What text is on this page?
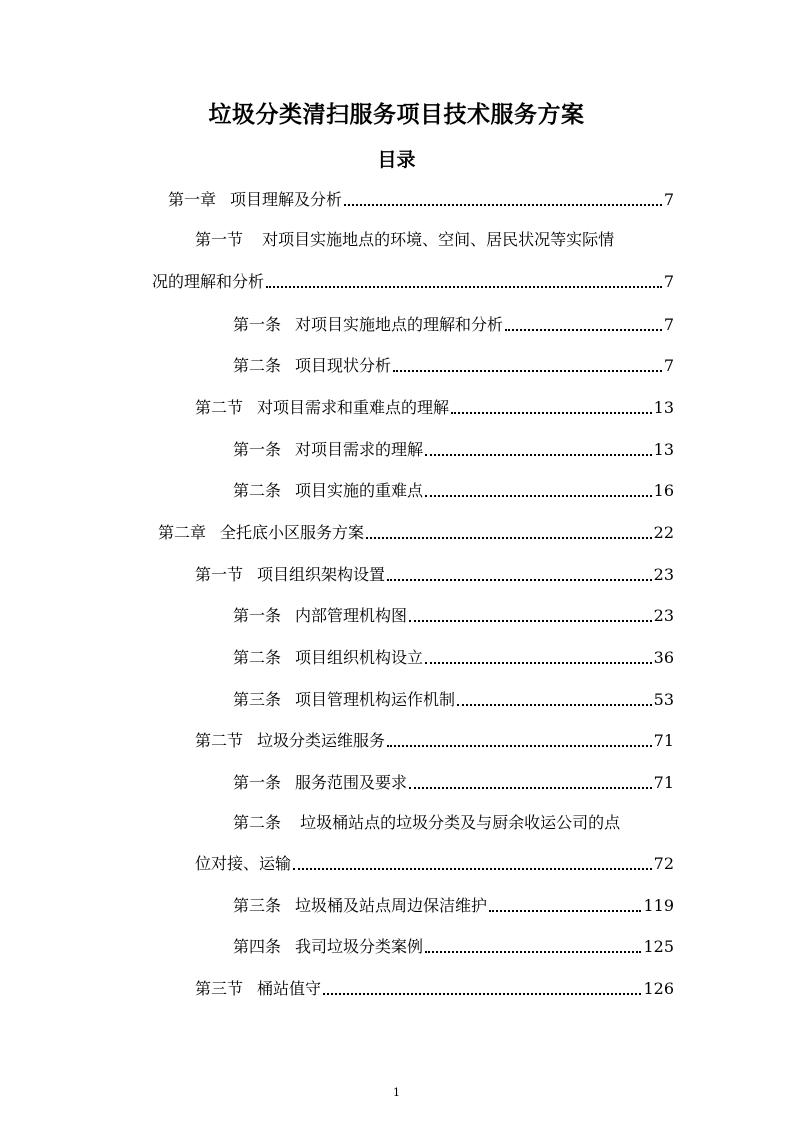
垃圾分类清扫服务项目技术服务方案
目录
第一章 项目理解及分析	7
第一节 对项目实施地点的环境、空间、居民状况等实际情
况的理解和分析	7
第一条 对项目实施地点的理解和分析	7
第二条 项目现状分析	7
第二节 对项目需求和重难点的理解	13
第一条 对项目需求的理解	13
第二条 项目实施的重难点	16
第二章 全托底小区服务方案	22
第一节 项目组织架构设置	23
第一条 内部管理机构图	23
第二条 项目组织机构设立	36
第三条 项目管理机构运作机制	53
第二节 垃圾分类运维服务	71
第一条 服务范围及要求	71
第二条 垃圾桶站点的垃圾分类及与厨余收运公司的点
位对接、运输	72
第三条 垃圾桶及站点周边保洁维护	119
第四条 我司垃圾分类案例	125
第三节 桶站值守	126
1
